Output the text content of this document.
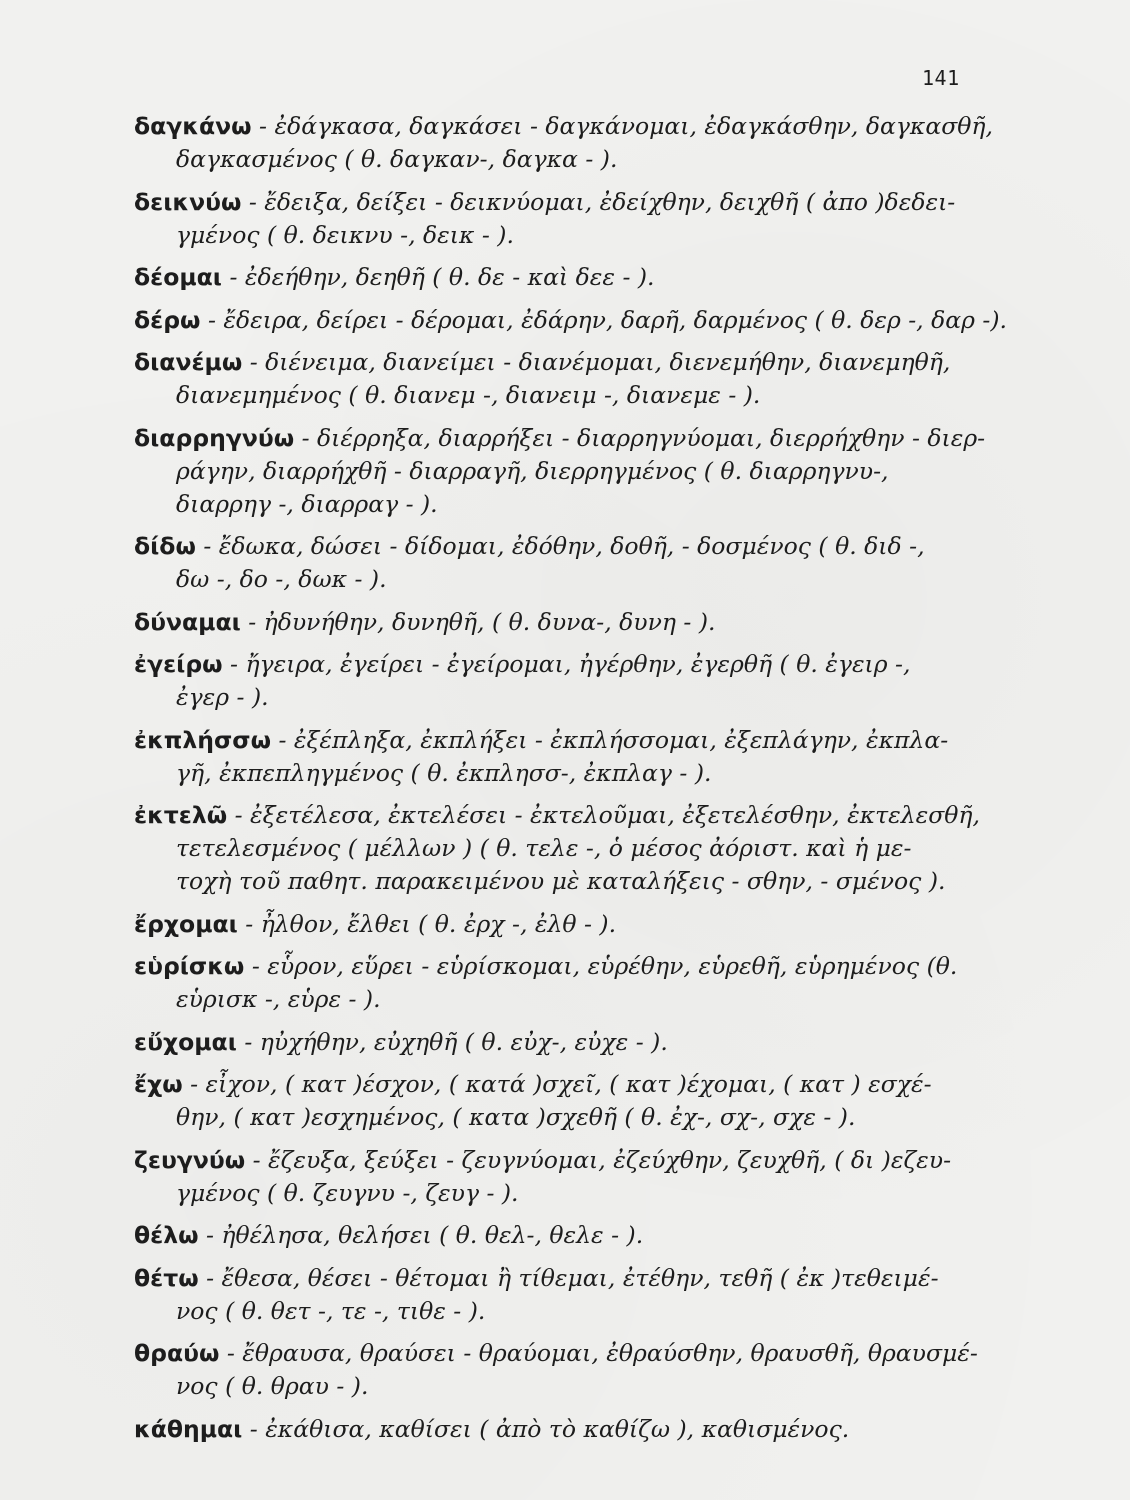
141
δαγκάνω - ἐδάγκασα, δαγκάσει - δαγκάνομαι, ἐδαγκάσθην, δαγκασθῆ,
δαγκασμένος ( θ. δαγκαν-, δαγκα - ).
δεικνύω - ἔδειξα, δείξει - δεικνύομαι, ἐδείχθην, δειχθῆ ( ἀπο )δεδει-
γμένος ( θ. δεικνυ -, δεικ - ).
δέομαι - ἐδεήθην, δεηθῆ ( θ. δε - καὶ δεε - ).
δέρω - ἔδειρα, δείρει - δέρομαι, ἐδάρην, δαρῆ, δαρμένος ( θ. δερ -, δαρ -).
διανέμω - διένειμα, διανείμει - διανέμομαι, διενεμήθην, διανεμηθῆ,
διανεμημένος ( θ. διανεμ -, διανειμ -, διανεμε - ).
διαρρηγνύω - διέρρηξα, διαρρήξει - διαρρηγνύομαι, διερρήχθην - διερ-
ράγην, διαρρήχθῆ - διαρραγῆ, διερρηγμένος ( θ. διαρρηγνυ-,
διαρρηγ -, διαρραγ - ).
δίδω - ἔδωκα, δώσει - δίδομαι, ἐδόθην, δοθῆ, - δοσμένος ( θ. διδ -,
δω -, δο -, δωκ - ).
δύναμαι - ἠδυνήθην, δυνηθῆ, ( θ. δυνα-, δυνη - ).
ἐγείρω - ἤγειρα, ἐγείρει - ἐγείρομαι, ἠγέρθην, ἐγερθῆ ( θ. ἐγειρ -,
ἐγερ - ).
ἐκπλήσσω - ἐξέπληξα, ἐκπλήξει - ἐκπλήσσομαι, ἐξεπλάγην, ἐκπλα-
γῆ, ἐκπεπληγμένος ( θ. ἐκπλησσ-, ἐκπλαγ - ).
ἐκτελῶ - ἐξετέλεσα, ἐκτελέσει - ἐκτελοῦμαι, ἐξετελέσθην, ἐκτελεσθῆ,
τετελεσμένος ( μέλλων ) ( θ. τελε -, ὁ μέσος ἀόριστ. καὶ ἡ με-
τοχὴ τοῦ παθητ. παρακειμένου μὲ καταλήξεις - σθην, - σμένος ).
ἔρχομαι - ἦλθον, ἔλθει ( θ. ἐρχ -, ἐλθ - ).
εὑρίσκω - εὗρον, εὕρει - εὑρίσκομαι, εὑρέθην, εὑρεθῆ, εὑρημένος (θ.
εὑρισκ -, εὑρε - ).
εὔχομαι - ηὐχήθην, εὐχηθῆ ( θ. εὐχ-, εὐχε - ).
ἔχω - εἶχον, ( κατ )έσχον, ( κατά )σχεῖ, ( κατ )έχομαι, ( κατ ) εσχέ-
θην, ( κατ )εσχημένος, ( κατα )σχεθῆ ( θ. ἐχ-, σχ-, σχε - ).
ζευγνύω - ἔζευξα, ξεύξει - ζευγνύομαι, ἐζεύχθην, ζευχθῆ, ( δι )εζευ-
γμένος ( θ. ζευγνυ -, ζευγ - ).
θέλω - ἠθέλησα, θελήσει ( θ. θελ-, θελε - ).
θέτω - ἔθεσα, θέσει - θέτομαι ἢ τίθεμαι, ἐτέθην, τεθῆ ( ἐκ )τεθειμέ-
νος ( θ. θετ -, τε -, τιθε - ).
θραύω - ἔθραυσα, θραύσει - θραύομαι, ἐθραύσθην, θραυσθῆ, θραυσμέ-
νος ( θ. θραυ - ).
κάθημαι - ἐκάθισα, καθίσει ( ἀπὸ τὸ καθίζω ), καθισμένος.
